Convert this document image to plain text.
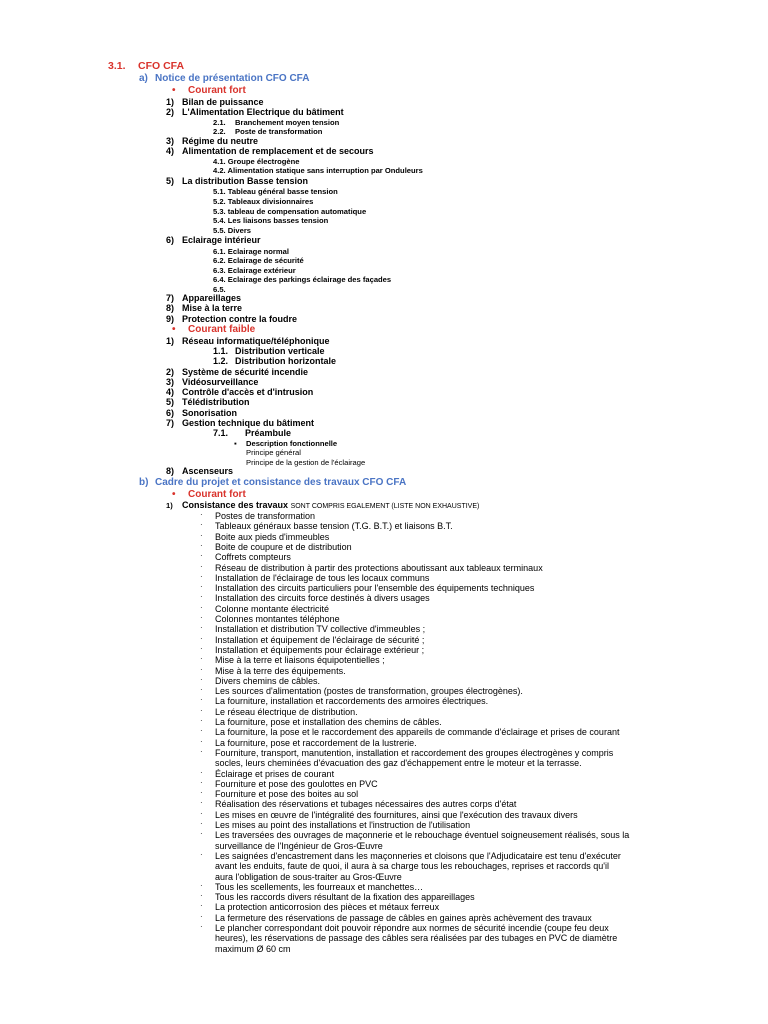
3.1. CFO CFA
a) Notice de présentation CFO CFA
• Courant fort
1) Bilan de puissance
2) L'Alimentation Electrique du bâtiment
2.1. Branchement moyen tension
2.2. Poste de transformation
3) Régime du neutre
4) Alimentation de remplacement et de secours
4.1. Groupe électrogène
4.2. Alimentation statique sans interruption par Onduleurs
5) La distribution Basse tension
5.1. Tableau général basse tension
5.2. Tableaux divisionnaires
5.3. tableau de compensation automatique
5.4. Les liaisons basses tension
5.5. Divers
6) Eclairage intérieur
6.1. Eclairage normal
6.2. Eclairage de sécurité
6.3. Eclairage extérieur
6.4. Eclairage des parkings éclairage des façades
6.5.
7) Appareillages
8) Mise à la terre
9) Protection contre la foudre
• Courant faible
1) Réseau informatique/téléphonique
1.1. Distribution verticale
1.2. Distribution horizontale
2) Système de sécurité incendie
3) Vidéosurveillance
4) Contrôle d'accès et d'intrusion
5) Télédistribution
6) Sonorisation
7) Gestion technique du bâtiment
7.1. Préambule
▪ Description fonctionnelle
Principe général
Principe de la gestion de l'éclairage
8) Ascenseurs
b) Cadre du projet et consistance des travaux CFO CFA
• Courant fort
1) Consistance des travaux SONT COMPRIS EGALEMENT (LISTE NON EXHAUSTIVE)
· Postes de transformation
· Tableaux généraux basse tension (T.G. B.T.) et liaisons B.T.
· Boite aux pieds d'immeubles
· Boite de coupure et de distribution
· Coffrets compteurs
· Réseau de distribution à partir des protections aboutissant aux tableaux terminaux
· Installation de l'éclairage de tous les locaux communs
· Installation des circuits particuliers pour l'ensemble des équipements techniques
· Installation des circuits force destinés à divers usages
· Colonne montante électricité
· Colonnes montantes téléphone
· Installation et distribution TV collective d'immeubles ;
· Installation et équipement de l'éclairage de sécurité ;
· Installation et équipements pour éclairage extérieur ;
· Mise à la terre et liaisons équipotentielles ;
· Mise à la terre des équipements.
· Divers chemins de câbles.
· Les sources d'alimentation (postes de transformation, groupes électrogènes).
· La fourniture, installation et raccordements des armoires électriques.
· Le réseau électrique de distribution.
· La fourniture, pose et installation des chemins de câbles.
· La fourniture, la pose et le raccordement des appareils de commande d'éclairage et prises de courant
· La fourniture, pose et raccordement de la lustrerie.
· Fourniture, transport, manutention, installation et raccordement des groupes électrogènes y compris
socles, leurs cheminées d'évacuation des gaz d'échappement entre le moteur et la terrasse.
· Éclairage et prises de courant
· Fourniture et pose des goulottes en PVC
· Fourniture et pose des boites au sol
· Réalisation des réservations et tubages nécessaires des autres corps d'état
· Les mises en œuvre de l'intégralité des fournitures, ainsi que l'exécution des travaux divers
· Les mises au point des installations et l'instruction de l'utilisation
· Les traversées des ouvrages de maçonnerie et le rebouchage éventuel soigneusement réalisés, sous la
surveillance de l'Ingénieur de Gros-Œuvre
· Les saignées d'encastrement dans les maçonneries et cloisons que l'Adjudicataire est tenu d'exécuter
avant les enduits, faute de quoi, il aura à sa charge tous les rebouchages, reprises et raccords qu'il
aura l'obligation de sous-traiter au Gros-Œuvre
· Tous les scellements, les fourreaux et manchettes…
· Tous les raccords divers résultant de la fixation des appareillages
· La protection anticorrosion des pièces et métaux ferreux
· La fermeture des réservations de passage de câbles en gaines après achèvement des travaux
· Le plancher correspondant doit pouvoir répondre aux normes de sécurité incendie (coupe feu deux
heures), les réservations de passage des câbles sera réalisées par des tubages en PVC de diamètre
maximum Ø 60 cm
